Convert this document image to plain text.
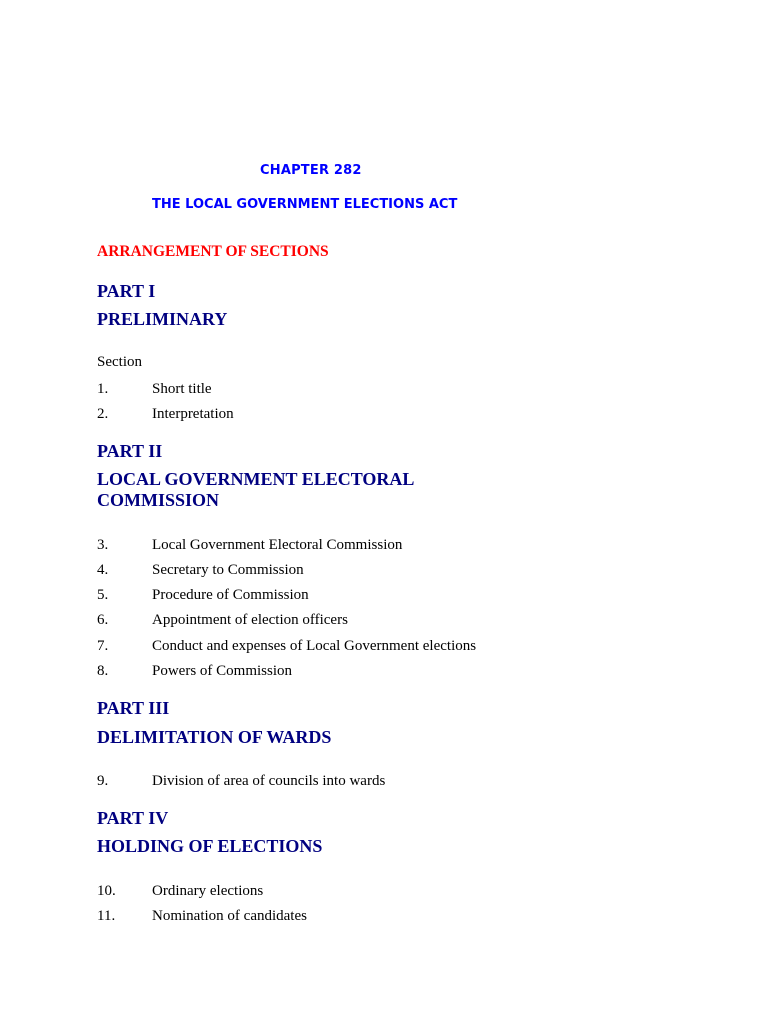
CHAPTER 282
THE LOCAL GOVERNMENT ELECTIONS ACT
ARRANGEMENT OF SECTIONS
PART I
PRELIMINARY
Section
1.	Short title
2.	Interpretation
PART II
LOCAL GOVERNMENT ELECTORAL COMMISSION
3.	Local Government Electoral Commission
4.	Secretary to Commission
5.	Procedure of Commission
6.	Appointment of election officers
7.	Conduct and expenses of Local Government elections
8.	Powers of Commission
PART III
DELIMITATION OF WARDS
9.	Division of area of councils into wards
PART IV
HOLDING OF ELECTIONS
10. Ordinary elections
11. Nomination of candidates
